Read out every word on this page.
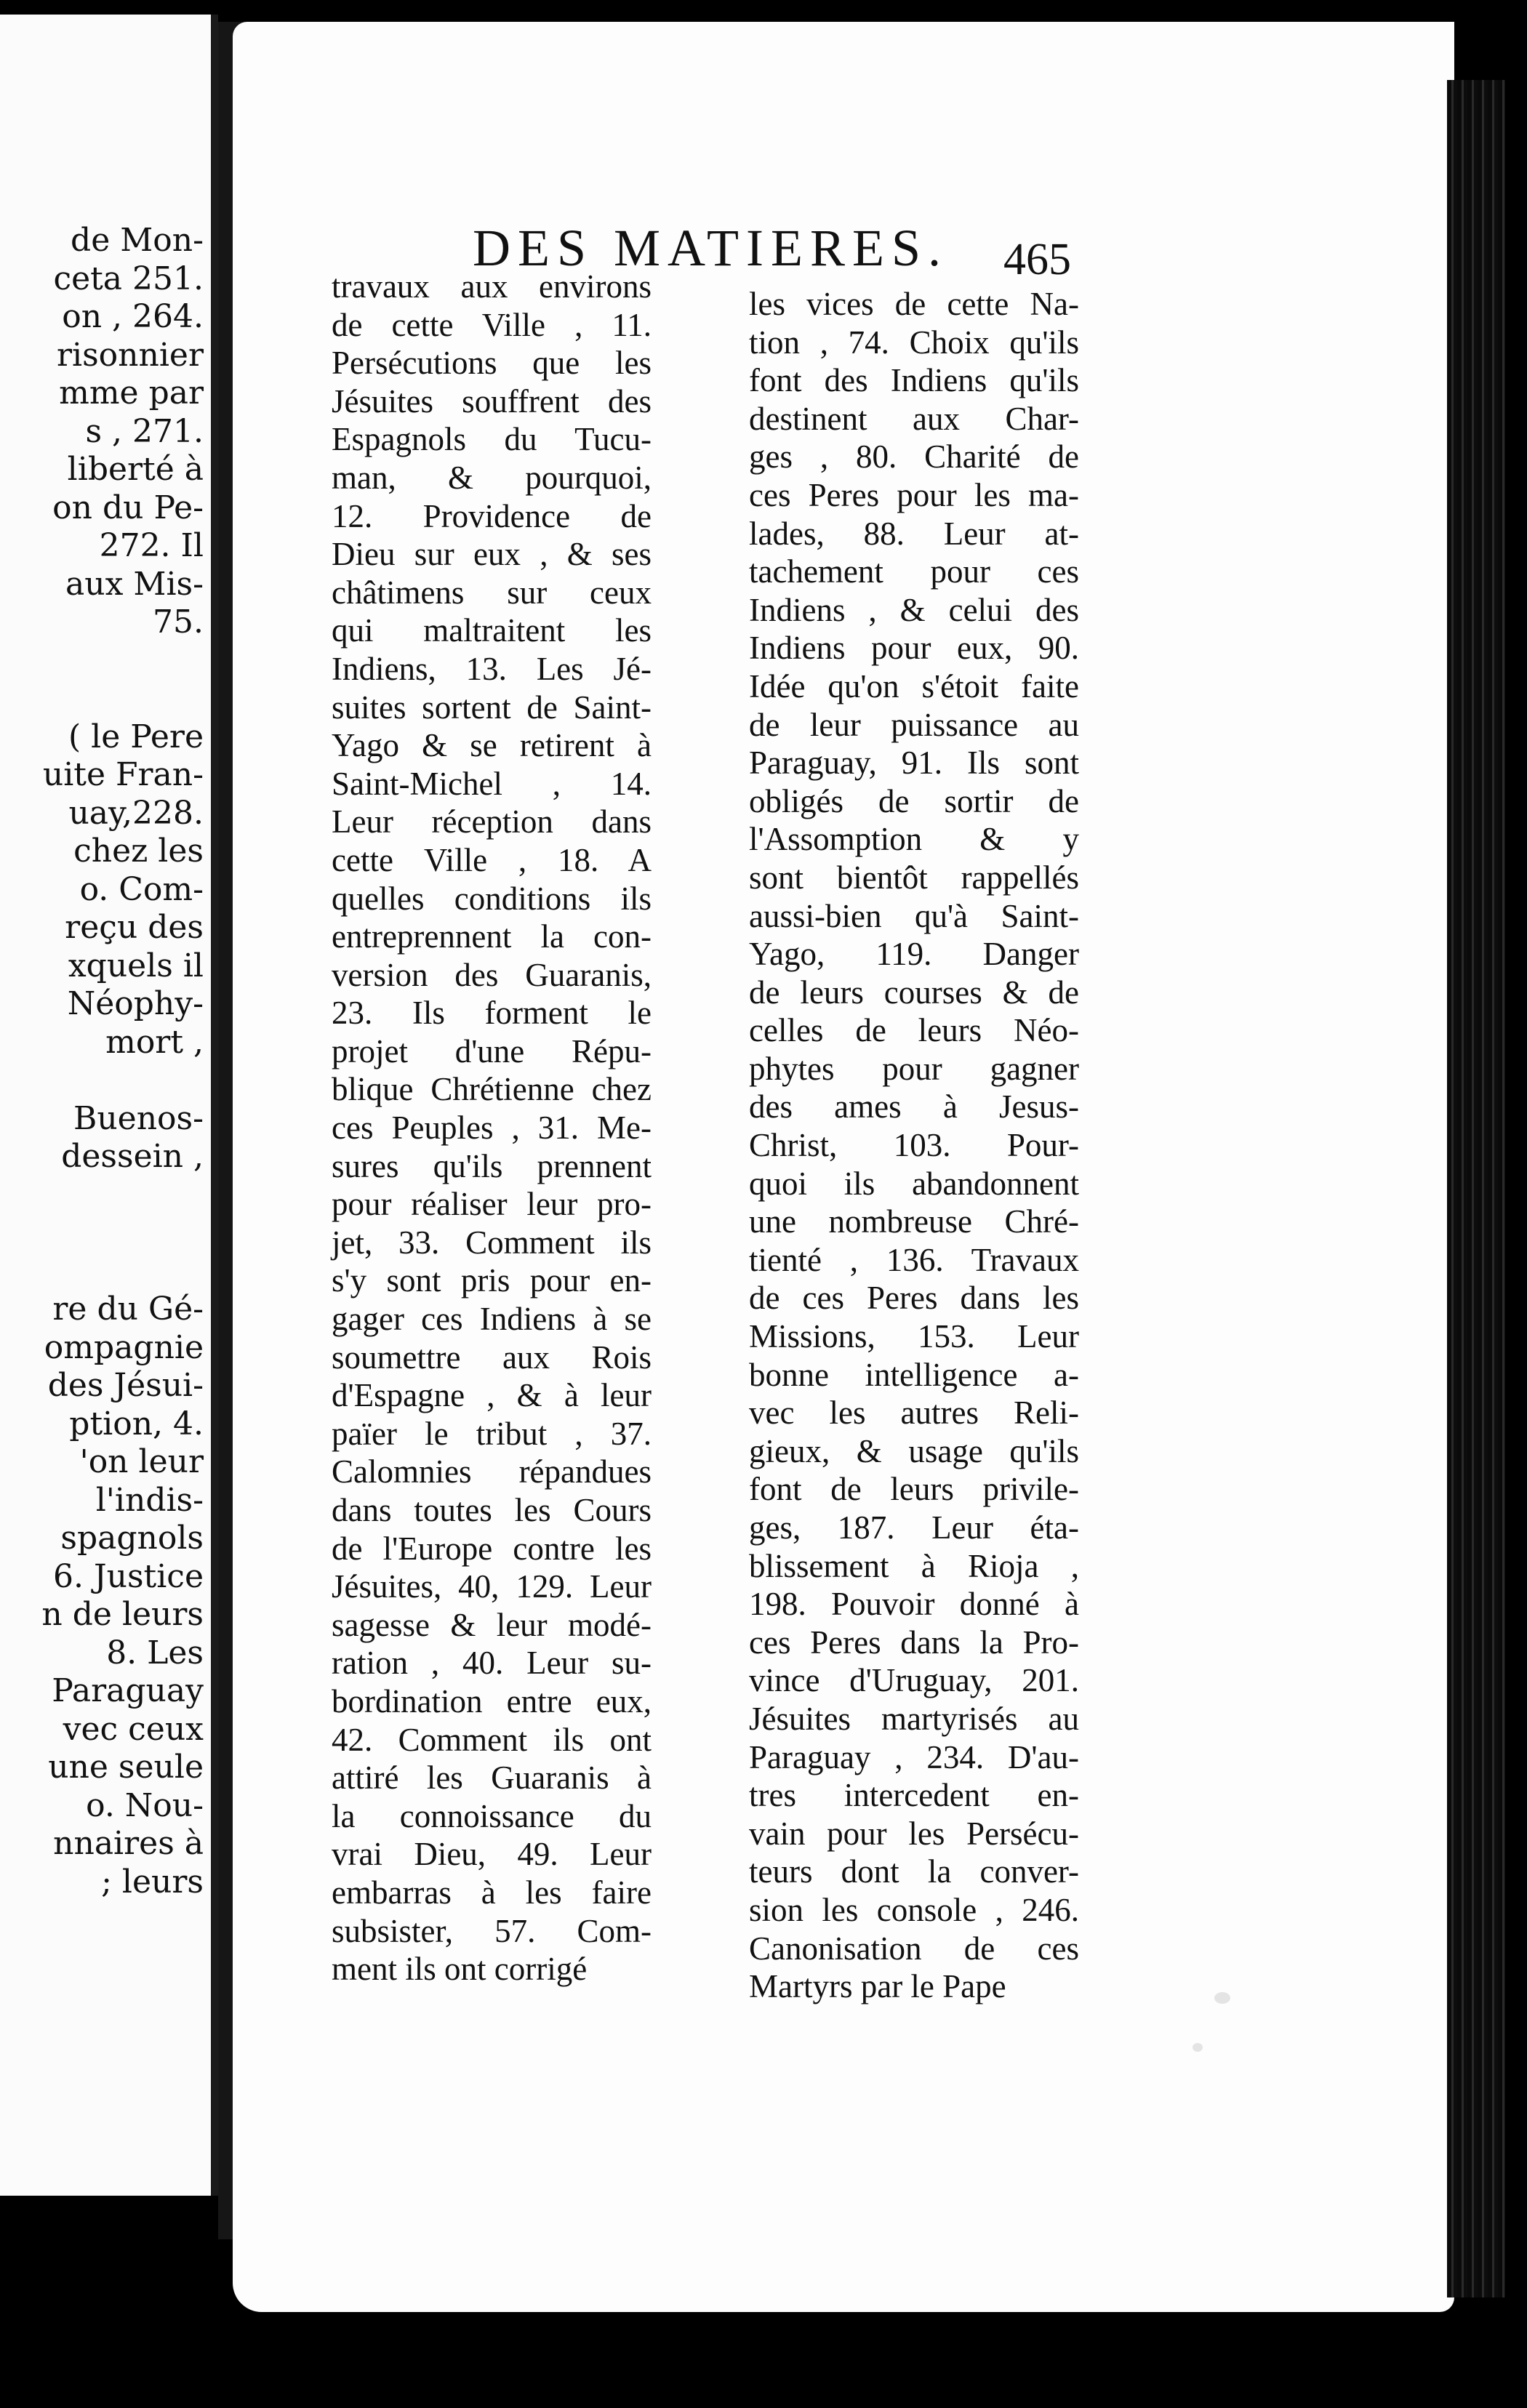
de Mon-
ceta 251.
on , 264.
risonnier
mme par
s , 271.
liberté à
on du Pe-
272. Il
aux Mis-
75.

( le Pere
uite Fran-
uay,228.
chez les
o. Com-
reçu des
xquels il
Néophy-
mort ,

Buenos-
dessein ,

re du Gé-
ompagnie
des Jésui-
ption, 4.
'on leur
l'indis-
spagnols
6. Justice
n de leurs
8. Les
Paraguay
vec ceux
une seule
o. Nou-
nnaires à
; leurs
DES MATIERES. 465
travaux aux environs
de cette Ville , 11.
Persécutions que les
Jésuites souffrent des
Espagnols du Tucu-
man, & pourquoi,
12. Providence de
Dieu sur eux , & ses
châtimens sur ceux
qui maltraitent les
Indiens, 13. Les Jé-
suites sortent de Saint-
Yago & se retirent à
Saint-Michel , 14.
Leur réception dans
cette Ville , 18. A
quelles conditions ils
entreprennent la con-
version des Guaranis,
23. Ils forment le
projet d'une Répu-
blique Chrétienne chez
ces Peuples , 31. Me-
sures qu'ils prennent
pour réaliser leur pro-
jet, 33. Comment ils
s'y sont pris pour en-
gager ces Indiens à se
soumettre aux Rois
d'Espagne , & à leur
païer le tribut , 37.
Calomnies répandues
dans toutes les Cours
de l'Europe contre les
Jésuites, 40, 129. Leur
sagesse & leur modé-
ration , 40. Leur su-
bordination entre eux,
42. Comment ils ont
attiré les Guaranis à
la connoissance du
vrai Dieu, 49. Leur
embarras à les faire
subsister, 57. Com-
ment ils ont corrigé
les vices de cette Na-
tion , 74. Choix qu'ils
font des Indiens qu'ils
destinent aux Char-
ges , 80. Charité de
ces Peres pour les ma-
lades, 88. Leur at-
tachement pour ces
Indiens , & celui des
Indiens pour eux, 90.
Idée qu'on s'étoit faite
de leur puissance au
Paraguay, 91. Ils sont
obligés de sortir de
l'Assomption & y
sont bientôt rappellés
aussi-bien qu'à Saint-
Yago, 119. Danger
de leurs courses & de
celles de leurs Néo-
phytes pour gagner
des ames à Jesus-
Christ, 103. Pour-
quoi ils abandonnent
une nombreuse Chré-
tienté , 136. Travaux
de ces Peres dans les
Missions, 153. Leur
bonne intelligence a-
vec les autres Reli-
gieux, & usage qu'ils
font de leurs privile-
ges, 187. Leur éta-
blissement à Rioja ,
198. Pouvoir donné à
ces Peres dans la Pro-
vince d'Uruguay, 201.
Jésuites martyrisés au
Paraguay , 234. D'au-
tres intercedent en-
vain pour les Persécu-
teurs dont la conver-
sion les console , 246.
Canonisation de ces
Martyrs par le Pape
